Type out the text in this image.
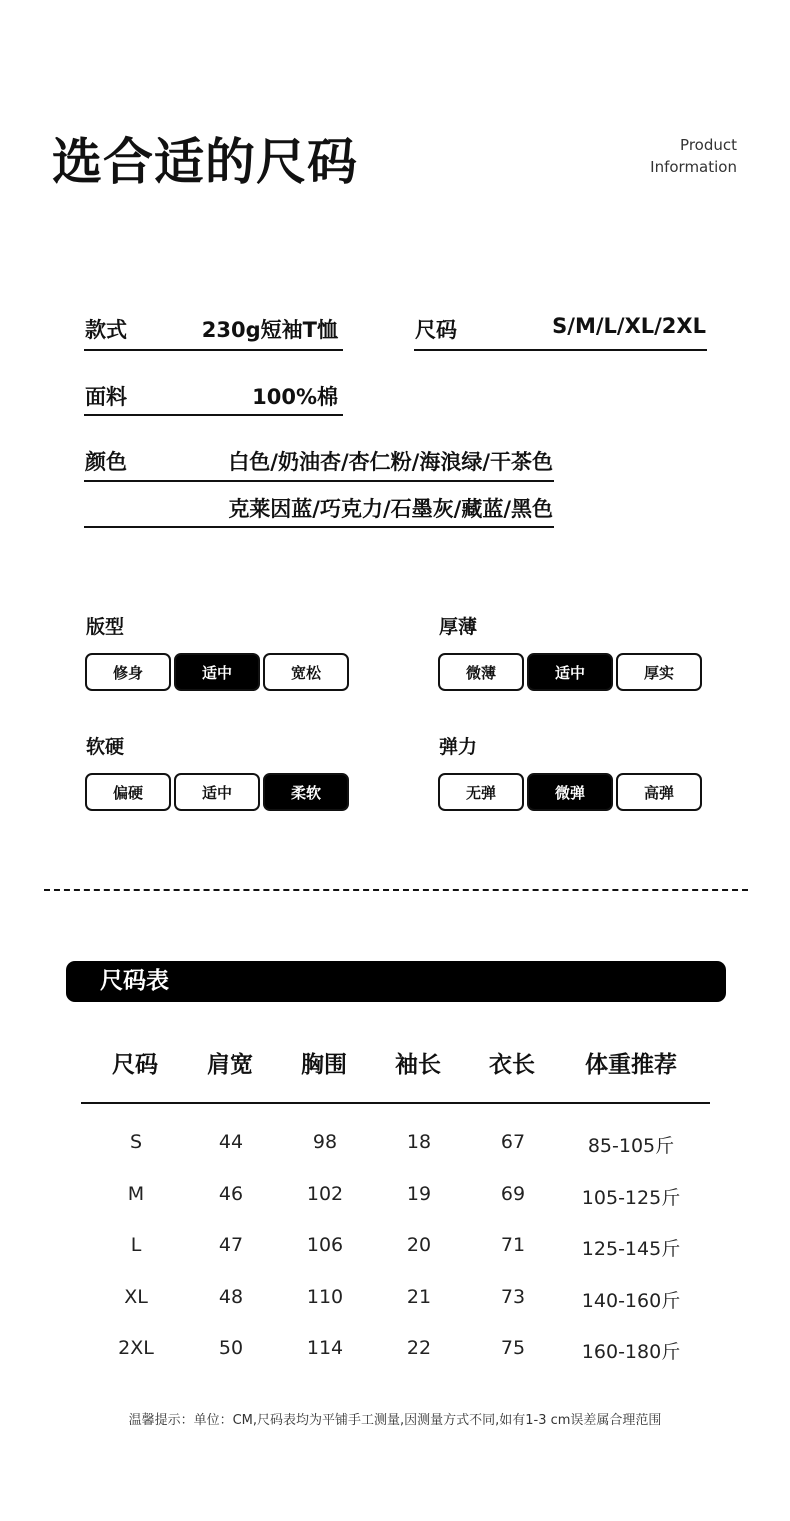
选合适的尺码	Product
Information
款式	230g短袖T恤	尺码	S/M/L/XL/2XL
面料	100%棉
颜色	白色/奶油杏/杏仁粉/海浪绿/干茶色
克莱因蓝/巧克力/石墨灰/藏蓝/黑色
版型
修身	适中	宽松
厚薄
微薄	适中	厚实
软硬
偏硬	适中	柔软
弹力
无弹	微弹	高弹
尺码表
尺码 肩宽 胸围 袖长 衣长 体重推荐
S	44	98	18	67	85-105斤
M	46	102	19	69	105-125斤
L	47	106	20	71	125-145斤
XL	48	110	21	73	140-160斤
2XL	50	114	22	75	160-180斤
温馨提示：单位：CM,尺码表均为平铺手工测量,因测量方式不同,如有1-3 cm误差属合理范围
